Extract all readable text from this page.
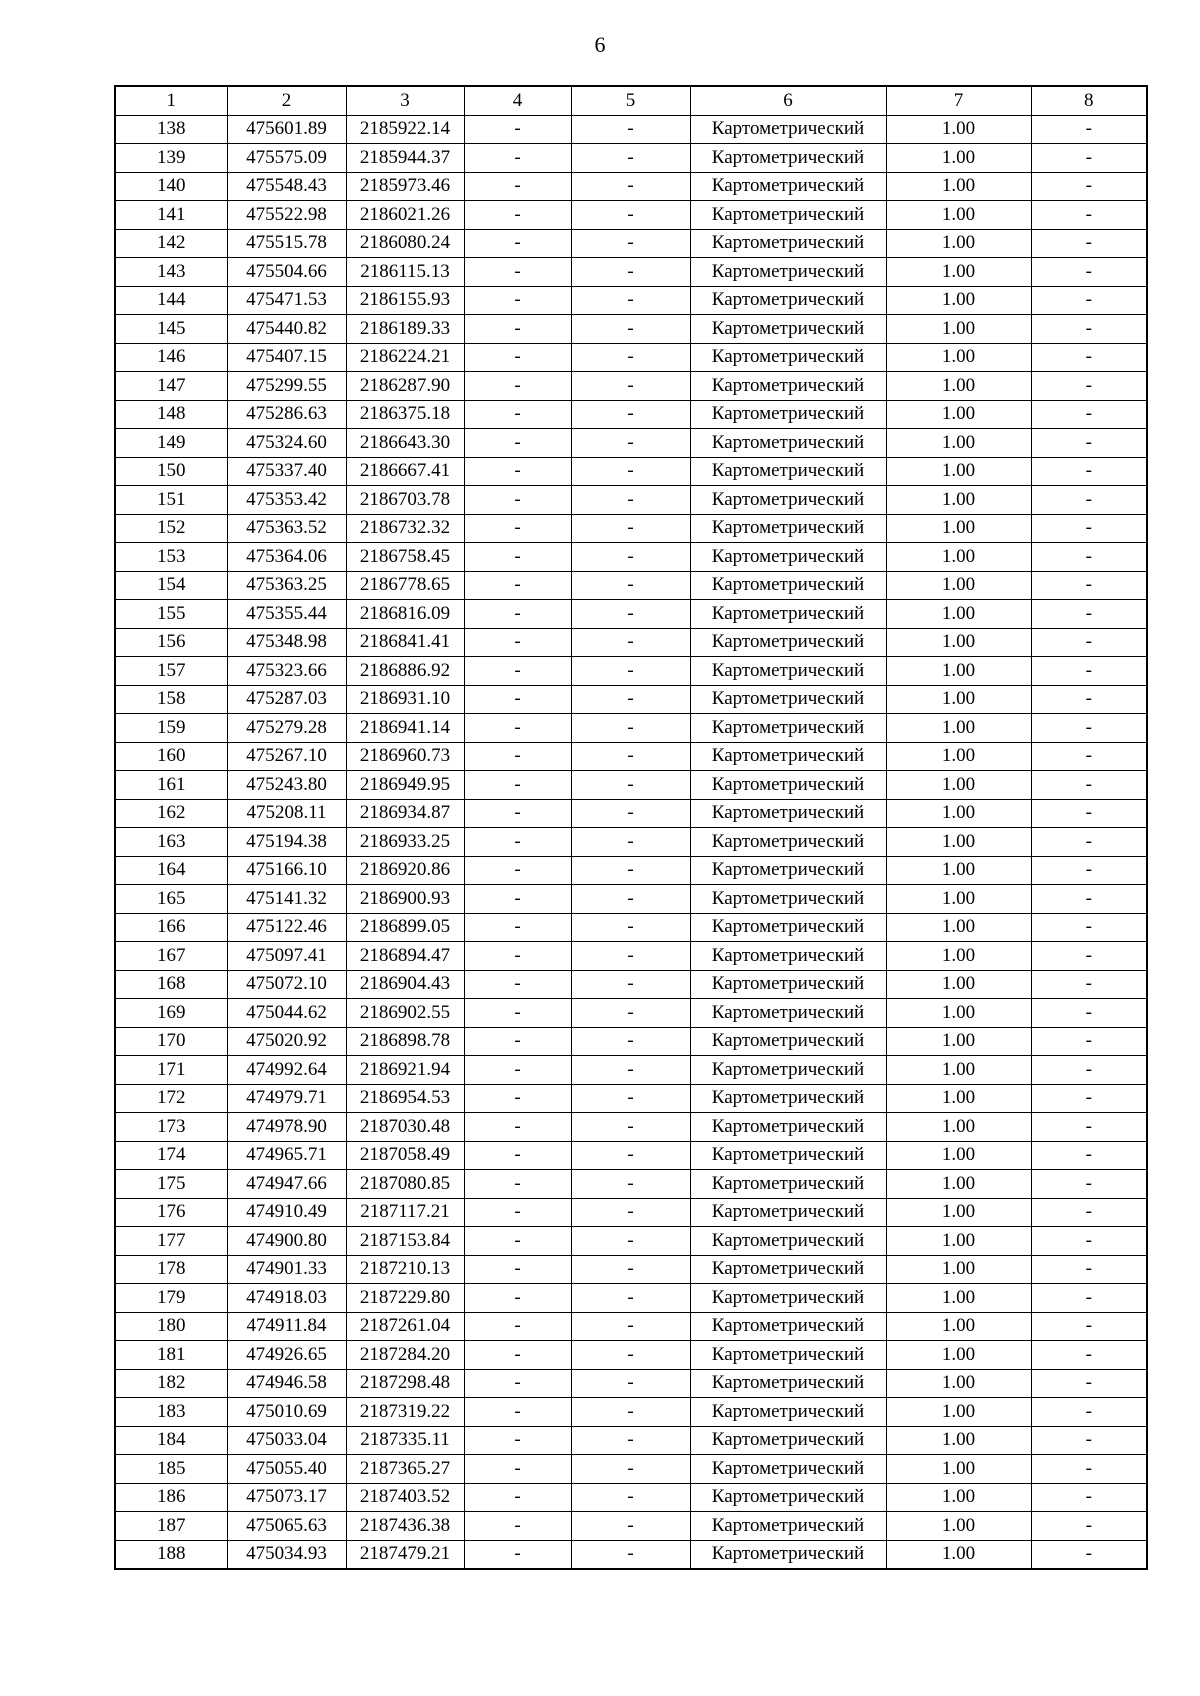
6
1	2	3	4	5	6	7	8
138	475601.89	2185922.14	-	-	Картометрический	1.00	-
139	475575.09	2185944.37	-	-	Картометрический	1.00	-
140	475548.43	2185973.46	-	-	Картометрический	1.00	-
141	475522.98	2186021.26	-	-	Картометрический	1.00	-
142	475515.78	2186080.24	-	-	Картометрический	1.00	-
143	475504.66	2186115.13	-	-	Картометрический	1.00	-
144	475471.53	2186155.93	-	-	Картометрический	1.00	-
145	475440.82	2186189.33	-	-	Картометрический	1.00	-
146	475407.15	2186224.21	-	-	Картометрический	1.00	-
147	475299.55	2186287.90	-	-	Картометрический	1.00	-
148	475286.63	2186375.18	-	-	Картометрический	1.00	-
149	475324.60	2186643.30	-	-	Картометрический	1.00	-
150	475337.40	2186667.41	-	-	Картометрический	1.00	-
151	475353.42	2186703.78	-	-	Картометрический	1.00	-
152	475363.52	2186732.32	-	-	Картометрический	1.00	-
153	475364.06	2186758.45	-	-	Картометрический	1.00	-
154	475363.25	2186778.65	-	-	Картометрический	1.00	-
155	475355.44	2186816.09	-	-	Картометрический	1.00	-
156	475348.98	2186841.41	-	-	Картометрический	1.00	-
157	475323.66	2186886.92	-	-	Картометрический	1.00	-
158	475287.03	2186931.10	-	-	Картометрический	1.00	-
159	475279.28	2186941.14	-	-	Картометрический	1.00	-
160	475267.10	2186960.73	-	-	Картометрический	1.00	-
161	475243.80	2186949.95	-	-	Картометрический	1.00	-
162	475208.11	2186934.87	-	-	Картометрический	1.00	-
163	475194.38	2186933.25	-	-	Картометрический	1.00	-
164	475166.10	2186920.86	-	-	Картометрический	1.00	-
165	475141.32	2186900.93	-	-	Картометрический	1.00	-
166	475122.46	2186899.05	-	-	Картометрический	1.00	-
167	475097.41	2186894.47	-	-	Картометрический	1.00	-
168	475072.10	2186904.43	-	-	Картометрический	1.00	-
169	475044.62	2186902.55	-	-	Картометрический	1.00	-
170	475020.92	2186898.78	-	-	Картометрический	1.00	-
171	474992.64	2186921.94	-	-	Картометрический	1.00	-
172	474979.71	2186954.53	-	-	Картометрический	1.00	-
173	474978.90	2187030.48	-	-	Картометрический	1.00	-
174	474965.71	2187058.49	-	-	Картометрический	1.00	-
175	474947.66	2187080.85	-	-	Картометрический	1.00	-
176	474910.49	2187117.21	-	-	Картометрический	1.00	-
177	474900.80	2187153.84	-	-	Картометрический	1.00	-
178	474901.33	2187210.13	-	-	Картометрический	1.00	-
179	474918.03	2187229.80	-	-	Картометрический	1.00	-
180	474911.84	2187261.04	-	-	Картометрический	1.00	-
181	474926.65	2187284.20	-	-	Картометрический	1.00	-
182	474946.58	2187298.48	-	-	Картометрический	1.00	-
183	475010.69	2187319.22	-	-	Картометрический	1.00	-
184	475033.04	2187335.11	-	-	Картометрический	1.00	-
185	475055.40	2187365.27	-	-	Картометрический	1.00	-
186	475073.17	2187403.52	-	-	Картометрический	1.00	-
187	475065.63	2187436.38	-	-	Картометрический	1.00	-
188	475034.93	2187479.21	-	-	Картометрический	1.00	-
